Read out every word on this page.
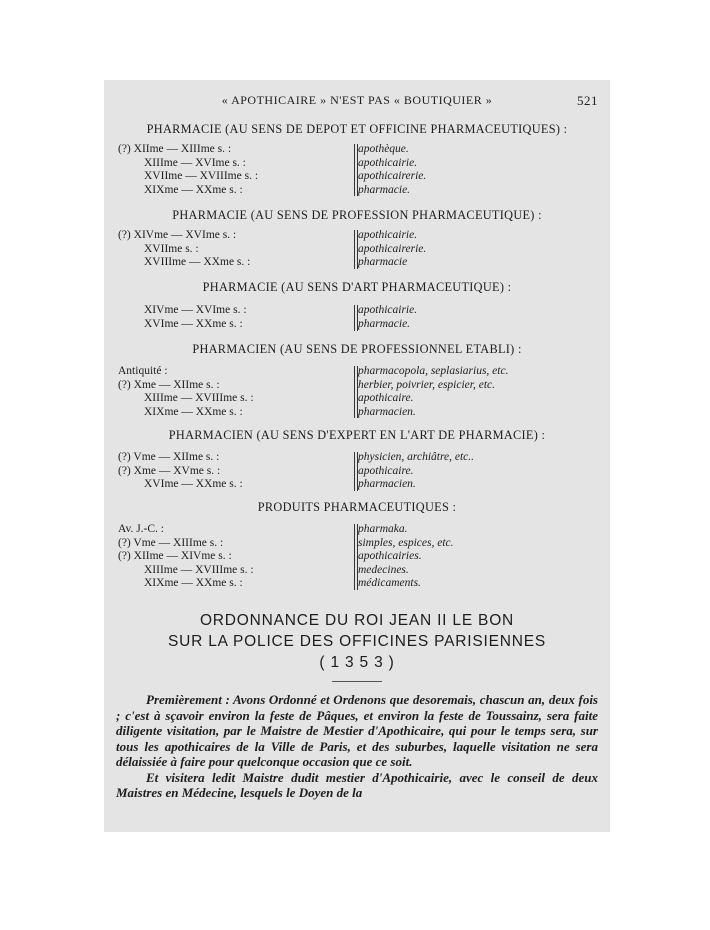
« APOTHICAIRE » N'EST PAS « BOUTIQUIER »	521
PHARMACIE (AU SENS DE DEPOT ET OFFICINE PHARMACEUTIQUES) :
(?) XIIme — XIIIme s. :	apothèque.
XIIIme — XVIme s. :	apothicairie.
XVIIme — XVIIIme s. :	apothicairerie.
XIXme — XXme s. :	pharmacie.
PHARMACIE (AU SENS DE PROFESSION PHARMACEUTIQUE) :
(?) XIVme — XVIme s. :	apothicairie.
XVIIme s. :	apothicairerie.
XVIIIme — XXme s. :	pharmacie
PHARMACIE (AU SENS D'ART PHARMACEUTIQUE) :
XIVme — XVIme s. :	apothicairie.
XVIme — XXme s. :	pharmacie.
PHARMACIEN (AU SENS DE PROFESSIONNEL ETABLI) :
Antiquité :	pharmacopola, seplasiarius, etc.
(?) Xme — XIIme s. :	herbier, poivrier, espicier, etc.
XIIIme — XVIIIme s. :	apothicaire.
XIXme — XXme s. :	pharmacien.
PHARMACIEN (AU SENS D'EXPERT EN L'ART DE PHARMACIE) :
(?) Vme — XIIme s. :	physicien, archiâtre, etc..
(?) Xme — XVme s. :	apothicaire.
XVIme — XXme s. :	pharmacien.
PRODUITS PHARMACEUTIQUES :
Av. J.-C. :	pharmaka.
(?) Vme — XIIIme s. :	simples, espices, etc.
(?) XIIme — XIVme s. :	apothicairies.
XIIIme — XVIIIme s. :	medecines.
XIXme — XXme s. :	médicaments.
ORDONNANCE DU ROI JEAN II LE BON
SUR LA POLICE DES OFFICINES PARISIENNES
( 1 3 5 3 )

Premièrement : Avons Ordonné et Ordenons que desoremais, chascun an, deux fois ; c'est à sçavoir environ la feste de Pâques, et environ la feste de Toussainz, sera faite diligente visitation, par le Maistre de Mestier d'Apothicaire, qui pour le temps sera, sur tous les apothicaires de la Ville de Paris, et des suburbes, laquelle visitation ne sera délaissiée à faire pour quelconque occasion que ce soit.

Et visitera ledit Maistre dudit mestier d'Apothicairie, avec le conseil de deux Maistres en Médecine, lesquels le Doyen de la
